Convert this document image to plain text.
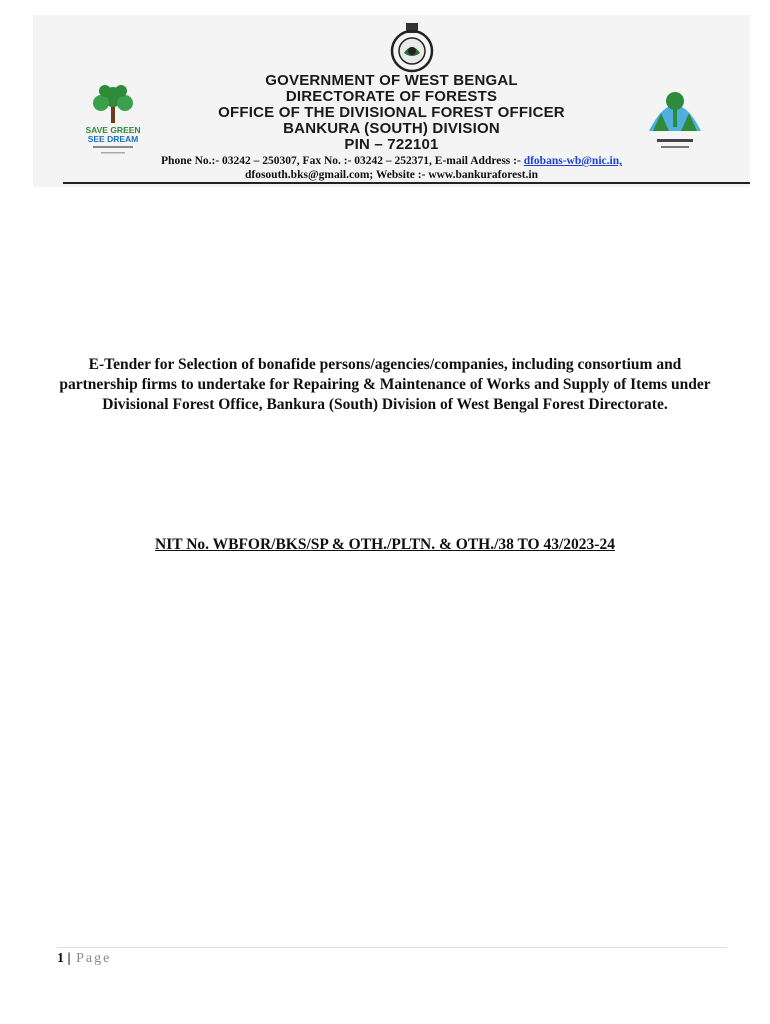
SAVE GREEN
SEE DREAM
GOVERNMENT OF WEST BENGAL
DIRECTORATE OF FORESTS
OFFICE OF THE DIVISIONAL FOREST OFFICER
BANKURA (SOUTH) DIVISION
PIN – 722101
Phone No.:- 03242 – 250307, Fax No. :- 03242 – 252371, E-mail Address :- dfobans-wb@nic.in,
dfosouth.bks@gmail.com; Website :- www.bankuraforest.in
E-Tender for Selection of bonafide persons/agencies/companies, including consortium and partnership firms to undertake for Repairing & Maintenance of Works and Supply of Items under Divisional Forest Office, Bankura (South) Division of West Bengal Forest Directorate.
NIT No. WBFOR/BKS/SP & OTH./PLTN. & OTH./38 TO 43/2023-24
1 | Page
